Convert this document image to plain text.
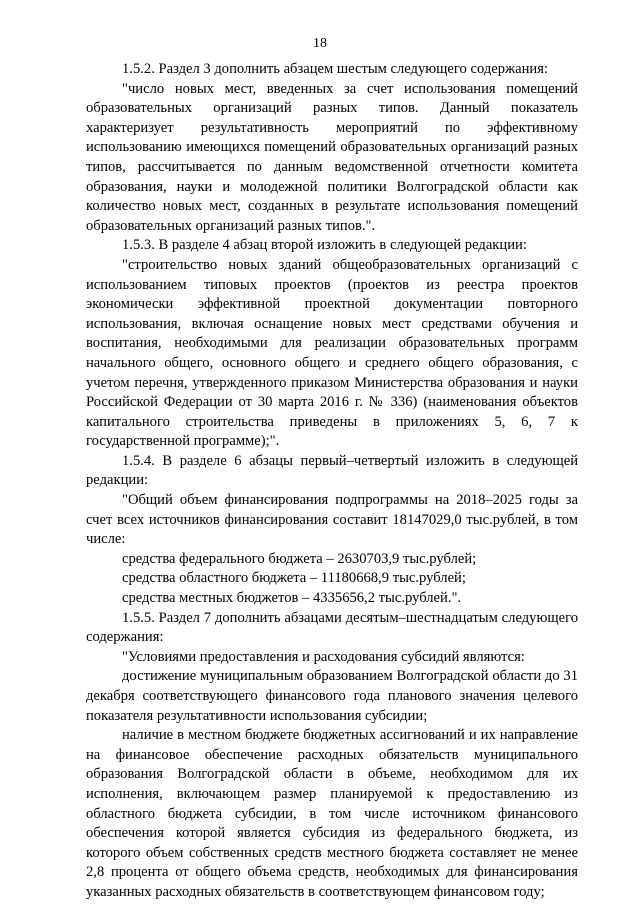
18

1.5.2. Раздел 3 дополнить абзацем шестым следующего содержания:

"число новых мест, введенных за счет использования помещений образовательных организаций разных типов. Данный показатель характеризует результативность мероприятий по эффективному использованию имеющихся помещений образовательных организаций разных типов, рассчитывается по данным ведомственной отчетности комитета образования, науки и молодежной политики Волгоградской области как количество новых мест, созданных в результате использования помещений образовательных организаций разных типов.".

1.5.3. В разделе 4 абзац второй изложить в следующей редакции:

"строительство новых зданий общеобразовательных организаций с использованием типовых проектов (проектов из реестра проектов экономически эффективной проектной документации повторного использования, включая оснащение новых мест средствами обучения и воспитания, необходимыми для реализации образовательных программ начального общего, основного общего и среднего общего образования, с учетом перечня, утвержденного приказом Министерства образования и науки Российской Федерации от 30 марта 2016 г. № 336) (наименования объектов капитального строительства приведены в приложениях 5, 6, 7 к государственной программе);".

1.5.4. В разделе 6 абзацы первый–четвертый изложить в следующей редакции:

"Общий объем финансирования подпрограммы на 2018–2025 годы за счет всех источников финансирования составит 18147029,0 тыс.рублей, в том числе:

средства федерального бюджета – 2630703,9 тыс.рублей;

средства областного бюджета – 11180668,9 тыс.рублей;

средства местных бюджетов – 4335656,2 тыс.рублей.".

1.5.5. Раздел 7 дополнить абзацами десятым–шестнадцатым следующего содержания:

"Условиями предоставления и расходования субсидий являются:

достижение муниципальным образованием Волгоградской области до 31 декабря соответствующего финансового года планового значения целевого показателя результативности использования субсидии;

наличие в местном бюджете бюджетных ассигнований и их направление на финансовое обеспечение расходных обязательств муниципального образования Волгоградской области в объеме, необходимом для их исполнения, включающем размер планируемой к предоставлению из областного бюджета субсидии, в том числе источником финансового обеспечения которой является субсидия из федерального бюджета, из которого объем собственных средств местного бюджета составляет не менее 2,8 процента от общего объема средств, необходимых для финансирования указанных расходных обязательств в соответствующем финансовом году;
